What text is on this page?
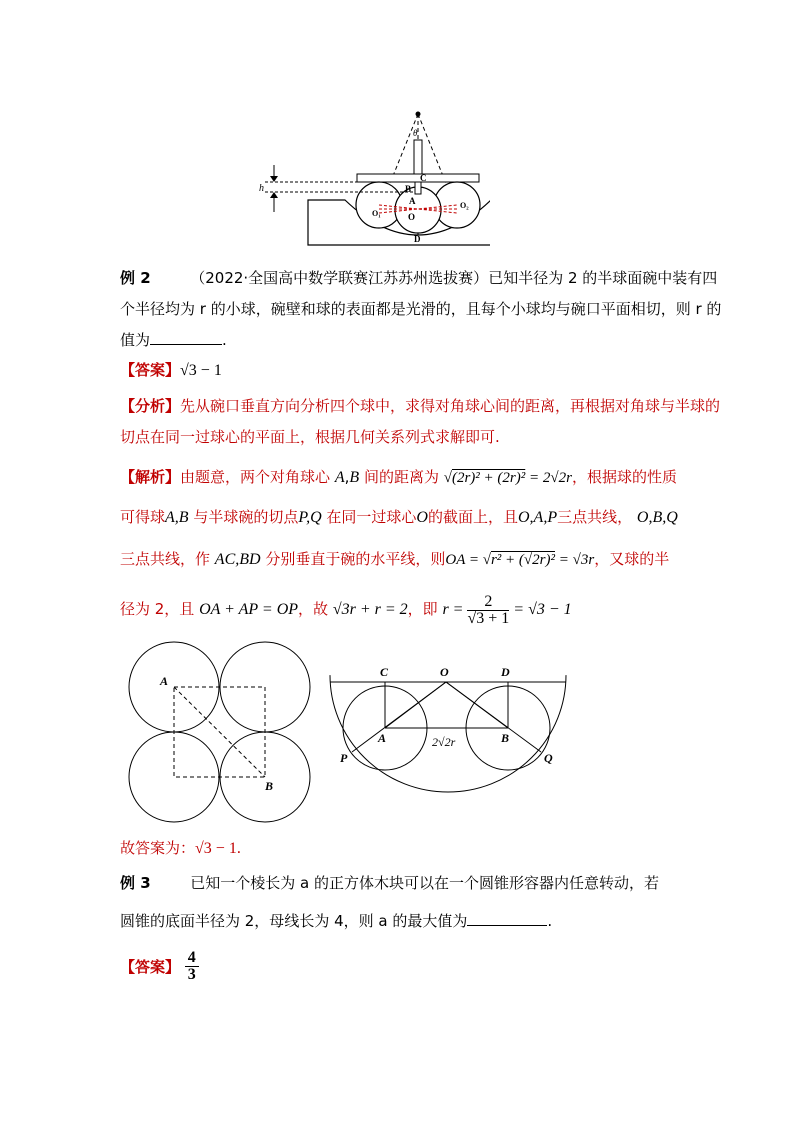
h
θ
C
B
A
O₁	O
O₂
D
例 2	（2022·全国高中数学联赛江苏苏州选拔赛）已知半径为 2 的半球面碗中装有四
个半径均为 r 的小球，碗壁和球的表面都是光滑的，且每个小球均与碗口平面相切，则 r 的
值为	.
【答案】√3 − 1
【分析】先从碗口垂直方向分析四个球中，求得对角球心间的距离，再根据对角球与半球的
切点在同一过球心的平面上，根据几何关系列式求解即可.
【解析】由题意，两个对角球心 A,B 间的距离为 √(2r)² + (2r)² = 2√2r，根据球的性质
可得球A,B 与半球碗的切点P,Q 在同一过球心O的截面上，且O,A,P三点共线， O,B,Q
三点共线，作 AC,BD 分别垂直于碗的水平线，则OA = √r² + (√2r)² = √3r，又球的半
径为 2，且 OA + AP = OP，故 √3r + r = 2，即 $r = \frac{2}{√3 + 1} = √3 - 1$
A
B
C	O	D
A	B
P	Q
2√2r
故答案为：√3 − 1.
例 3	已知一个棱长为 a 的正方体木块可以在一个圆锥形容器内任意转动，若
圆锥的底面半径为 2，母线长为 4，则 a 的最大值为	.
【答案】 $\frac{4}{3}$
